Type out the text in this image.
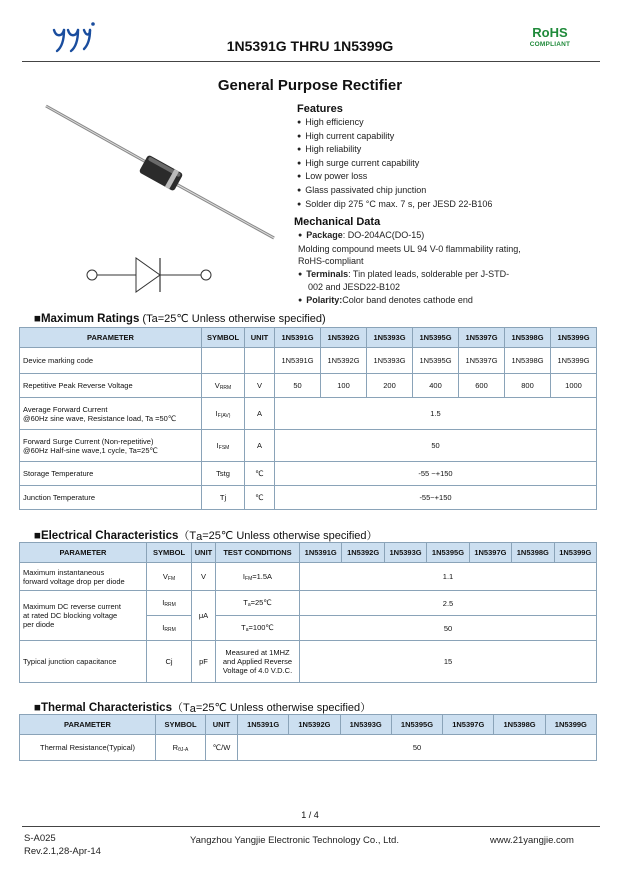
1N5391G THRU 1N5399G
RoHS
COMPLIANT
General Purpose Rectifier
Features
● High efficiency
● High current capability
● High reliability
● High surge current capability
● Low power loss
● Glass passivated chip junction
● Solder dip 275 °C max. 7 s, per JESD 22-B106
Mechanical Data
● Package: DO-204AC(DO-15)
Molding compound meets UL 94 V-0 flammability rating,
RoHS-compliant
● Terminals: Tin plated leads, solderable per J-STD-
002 and JESD22-B102
● Polarity:Color band denotes cathode end
■Maximum Ratings (Ta=25℃ Unless otherwise specified)
PARAMETER	SYMBOL	UNIT	1N5391G	1N5392G	1N5393G	1N5395G	1N5397G	1N5398G	1N5399G
Device marking code			1N5391G	1N5392G	1N5393G	1N5395G	1N5397G	1N5398G	1N5399G
Repetitive Peak Reverse Voltage	$V_{RRM}$	V	50	100	200	400	600	800	1000

Average Forward Current
@60Hz sine wave, Resistance load, Ta =50℃	$I_{F(AV)}$	A	1.5						

Forward Surge Current (Non-repetitive)
@60Hz Half-sine wave,1 cycle, Ta=25℃	$I_{FSM}$	A	50						
Storage Temperature	Tstg	℃	-55 ~+150						
Junction Temperature	Tj	℃	-55~+150						
■Electrical Characteristics（Ta=25℃ Unless otherwise specified）
PARAMETER	SYMBOL	UNIT	TEST CONDITIONS	1N5391G	1N5392G	1N5393G	1N5395G	1N5397G	1N5398G	1N5399G

Maximum instantaneous
forward voltage drop per diode	$V_{FM}$	V	$I_{FM}=1.5A$	1.1						

Maximum DC reverse current
at rated DC blocking voltage
per diode	$I_{RRM}$	μA	$T_a=25℃$	2.5						
	$I_{RRM}$		$T_a=100℃$	50						
Typical junction capacitance	Cj	pF	Measured at 1MHZ
and Applied Reverse
Voltage of 4.0 V.D.C.	15						
■Thermal Characteristics（Ta=25℃ Unless otherwise specified）
PARAMETER	SYMBOL	UNIT	1N5391G	1N5392G	1N5393G	1N5395G	1N5397G	1N5398G	1N5399G
Thermal Resistance(Typical)	$R_{\theta J-A}$	℃/W	50						
1 / 4
S-A025
Rev.2.1,28-Apr-14
Yangzhou Yangjie Electronic Technology Co., Ltd.	www.21yangjie.com
